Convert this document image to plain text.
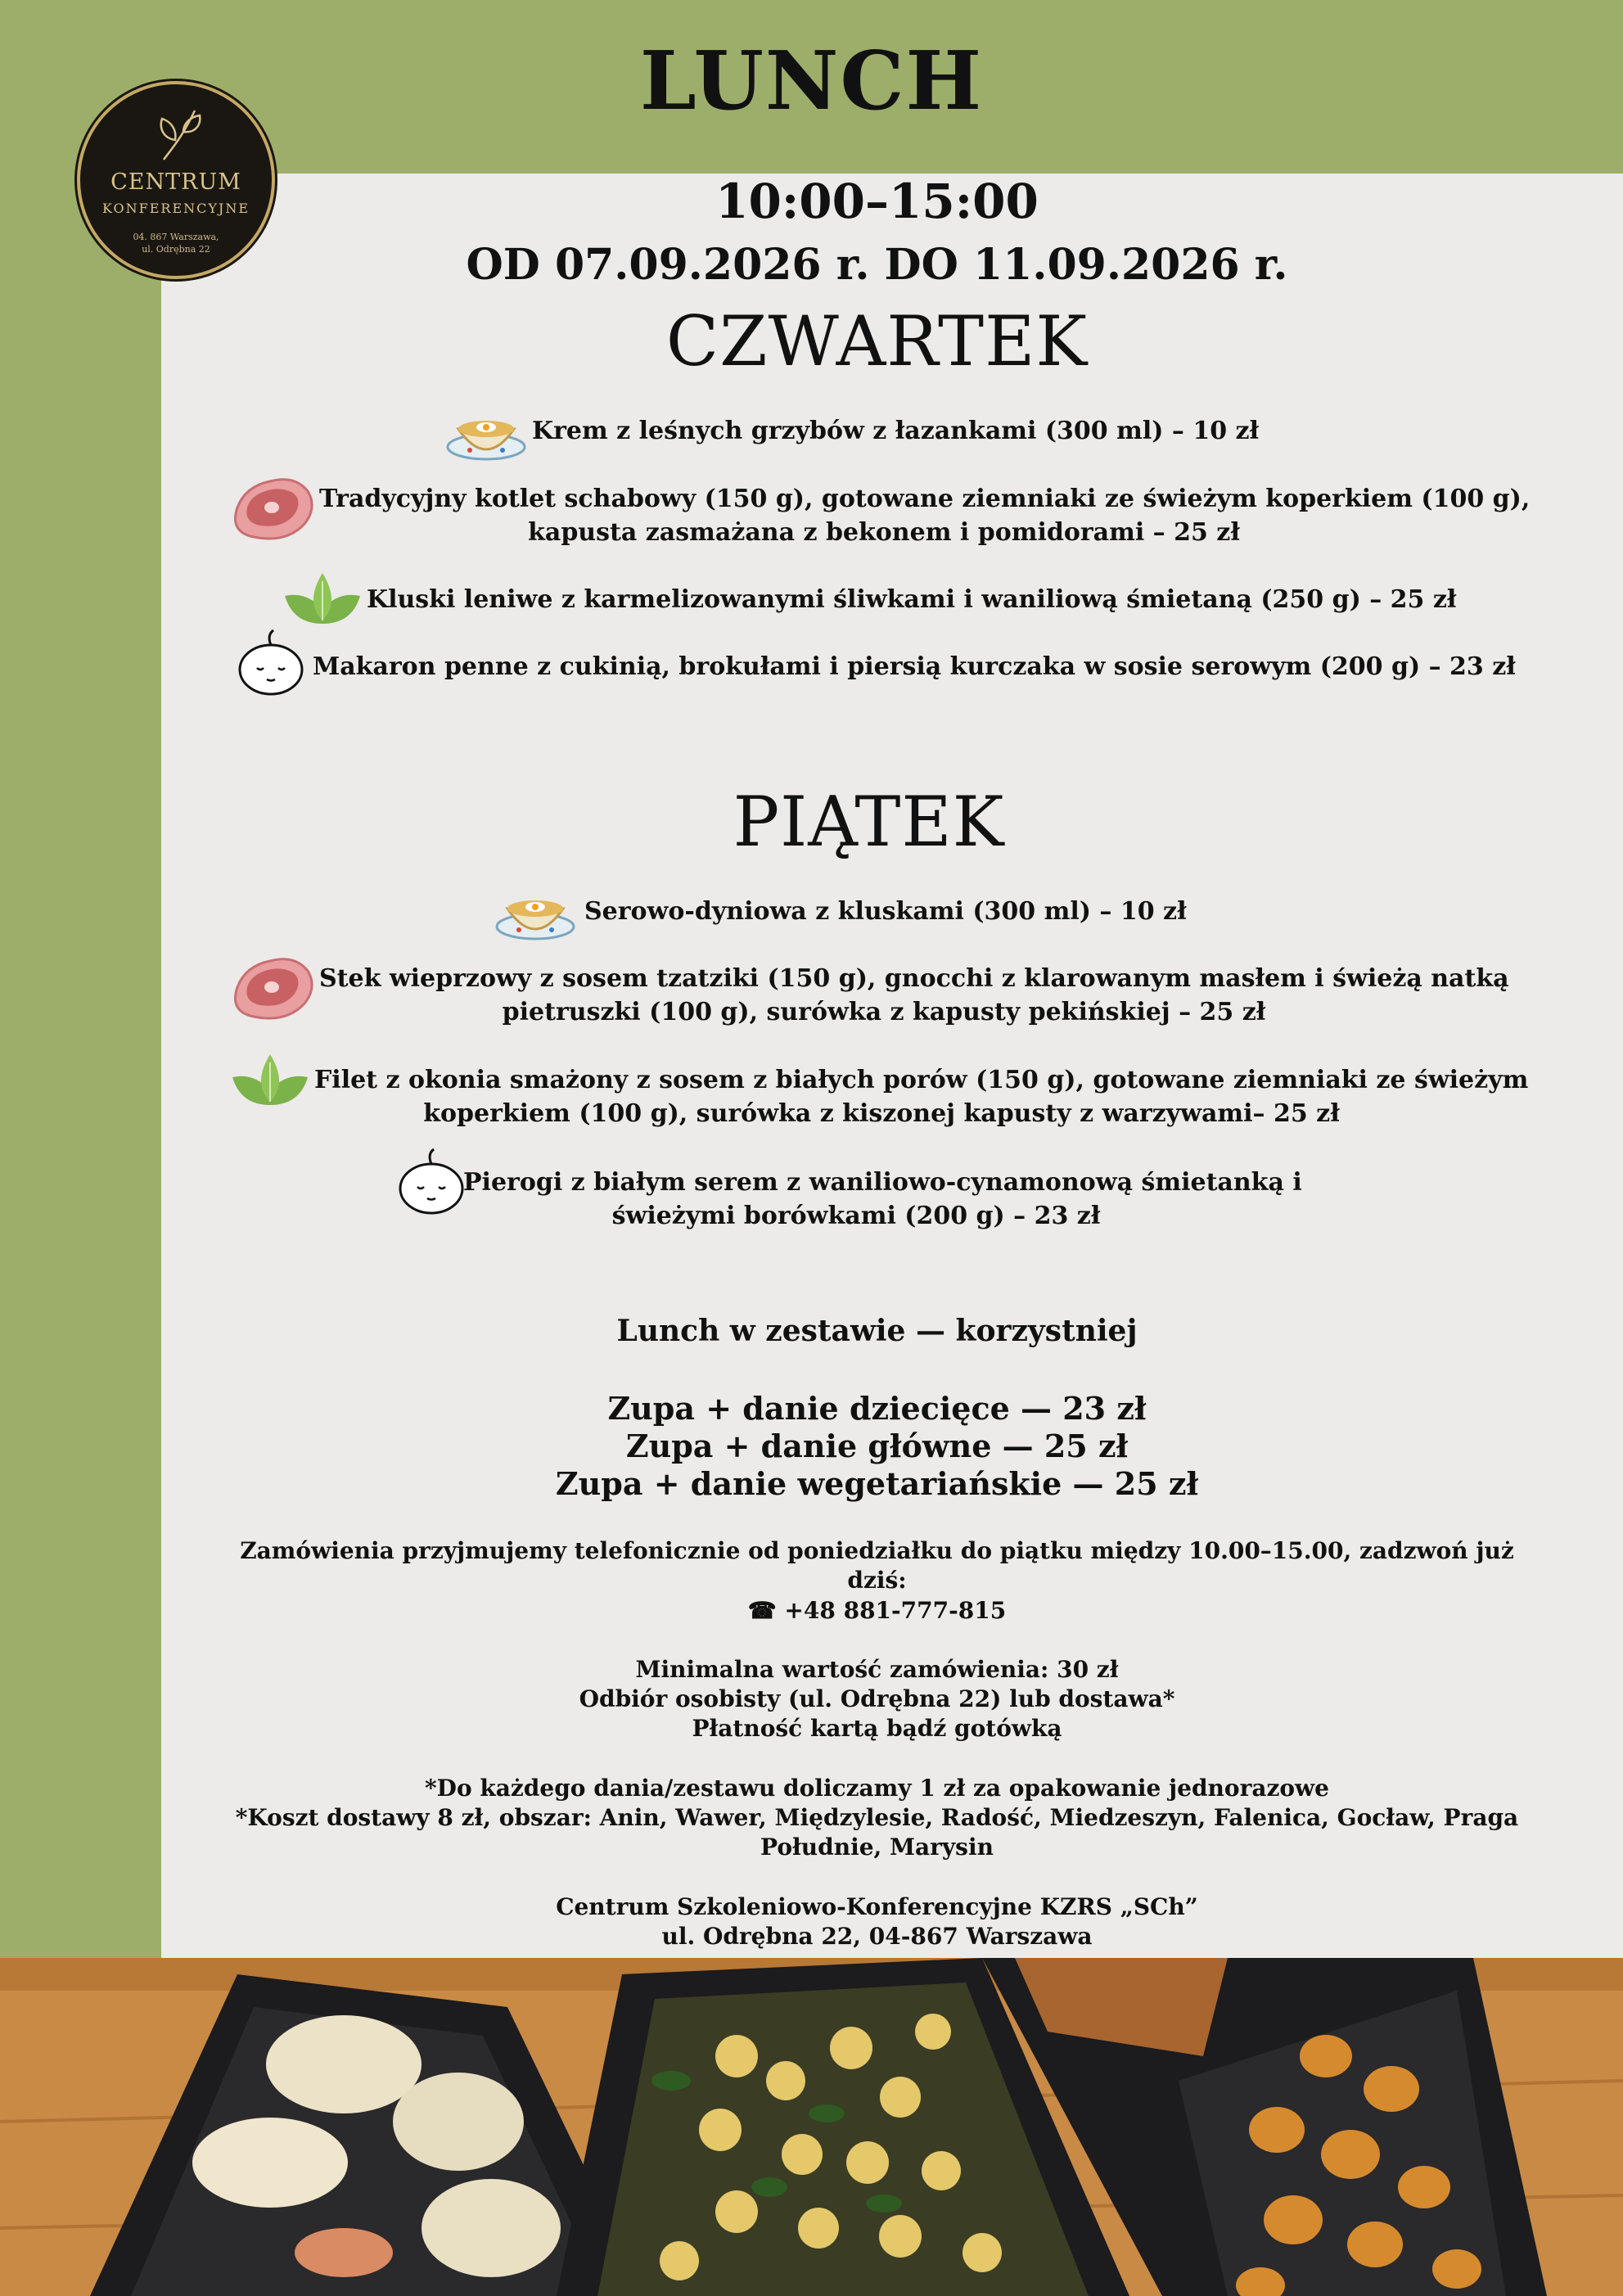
CENTRUM
KONFERENCYJNE
04. 867 Warszawa,
ul. Odrębna 22
LUNCH
10:00–15:00
OD 07.09.2026 r. DO 11.09.2026 r.
CZWARTEK
Krem z leśnych grzybów z łazankami (300 ml) – 10 zł
Tradycyjny kotlet schabowy (150 g), gotowane ziemniaki ze świeżym koperkiem (100 g),
kapusta zasmażana z bekonem i pomidorami – 25 zł
Kluski leniwe z karmelizowanymi śliwkami i waniliową śmietaną (250 g) – 25 zł
Makaron penne z cukinią, brokułami i piersią kurczaka w sosie serowym (200 g) – 23 zł
PIĄTEK
Serowo-dyniowa z kluskami (300 ml) – 10 zł
Stek wieprzowy z sosem tzatziki (150 g), gnocchi z klarowanym masłem i świeżą natką
pietruszki (100 g), surówka z kapusty pekińskiej – 25 zł
Filet z okonia smażony z sosem z białych porów (150 g), gotowane ziemniaki ze świeżym
koperkiem (100 g), surówka z kiszonej kapusty z warzywami– 25 zł
Pierogi z białym serem z waniliowo-cynamonową śmietanką i
świeżymi borówkami (200 g) – 23 zł
Lunch w zestawie — korzystniej
Zupa + danie dziecięce — 23 zł
Zupa + danie główne — 25 zł
Zupa + danie wegetariańskie — 25 zł
Zamówienia przyjmujemy telefonicznie od poniedziałku do piątku między 10.00–15.00, zadzwoń już
dziś:
☎ +48 881-777-815
Minimalna wartość zamówienia: 30 zł
Odbiór osobisty (ul. Odrębna 22) lub dostawa*
Płatność kartą bądź gotówką
*Do każdego dania/zestawu doliczamy 1 zł za opakowanie jednorazowe
*Koszt dostawy 8 zł, obszar: Anin, Wawer, Międzylesie, Radość, Miedzeszyn, Falenica, Gocław, Praga
Południe, Marysin
Centrum Szkoleniowo-Konferencyjne KZRS „SCh”
ul. Odrębna 22, 04-867 Warszawa
